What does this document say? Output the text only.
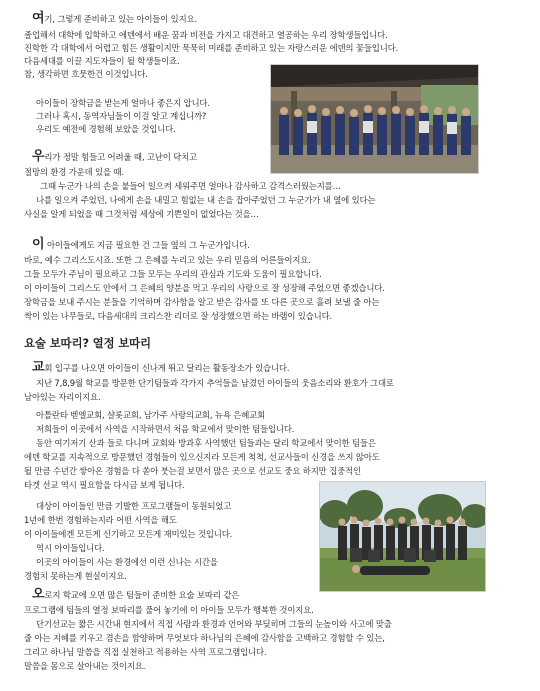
여기, 그렇게 준비하고 있는 아이들이 있지요.
졸업해서 대학에 입학하고 에덴에서 배운 꿈과 비전을 가지고 대견하고 열공하는 우리 장학생들입니다.
진학한 각 대학에서 어렵고 힘든 생활이지만 묵묵히 미래를 준비하고 있는 자랑스러운 에덴의 꽃들입니다.
다음세대를 이끌 지도자들이 될 학생들이죠.
참, 생각하면 흐뭇한건 이것입니다.
아이들이 장학금을 받는게 얼마나 좋은지 압니다.
그러나 혹시, 동역자님들이 이걸 알고 계십니까?
우리도 예전에 경험해 보았을 것입니다.
우리가 정말 힘들고 어려울 때, 고난이 닥치고
절망의 환경 가운데 있을 때.
그때 누군가 나의 손을 붙들어 일으켜 세워주면 얼마나 감사하고 감격스러웠는지를…
나를 일으켜 주었던, 나에게 손을 내밀고 힘없는 내 손을 잡아주었던 그 누군가가 내 옆에 있다는
사실을 알게 되었을 때 그것처럼 세상에 기쁜일이 없었다는 것을…
이 아이들에게도 지금 필요한 건 그들 옆의 그 누군가입니다.
바로, 예수 그리스도시죠. 또한 그 은혜를 누리고 있는 우리 믿음의 어른들이지요.
그들 모두가 주님이 필요하고 그들 모두는 우리의 관심과 기도와 도움이 필요합니다.
이 아이들이 그리스도 안에서 그 은혜의 양분을 먹고 우리의 사랑으로 잘 성장해 주었으면 좋겠습니다.
장학금을 보내 주시는 분들을 기억하며 감사함을 알고 받은 감사를 또 다른 곳으로 흘려 보낼 줄 아는
싹이 있는 나무들로, 다음세대의 크리스찬 리더로 잘 성장했으면 하는 바램이 있습니다.
요술 보따리? 열정 보따리
교회 입구를 나오면 아이들이 신나게 뛰고 달리는 활동장소가 있습니다.
지난 7,8,9월 학교를 방문한 단기팀들과 각가지 추억들을 남겼던 아이들의 웃음소리와 환호가 그대로
남아있는 자리이지요.
아틀란타 벧엘교회, 샬롯교회, 남가주 사랑의교회, 뉴욕 은혜교회
저희들이 이곳에서 사역을 시작하면서 처음 학교에서 맞이한 팀들입니다.
동안 여기저기 산과 들로 다니며 교회와 방과후 사역했던 팀들과는 달리 학교에서 맞이한 팀들은
에덴 학교를 지속적으로 방문했던 경험들이 있으신지라 모든게 척척, 선교사들이 신경을 쓰지 않아도
될 만큼 수년간 쌓아온 경험을 다 쏟아 붓는걸 보면서 많은 곳으로 선교도 중요 하지만 집중적인
타겟 선교 역시 필요함을 다시금 보게 됩니다.
대상이 아이들인 만큼 기발한 프로그램들이 동원되었고
1년에 한번 경험하는지라 어떤 사역을 해도
이 아이들에겐 모든게 신기하고 모든게 재미있는 것입니다.
역시 아이들입니다.
이곳의 아이들이 사는 환경에선 이런 신나는 시간을
경험치 못하는게 현실이지요.
오로지 학교에 오면 많은 팀들이 준비한 요술 보따리 같은
프로그램에 팀들의 열정 보따리를 풀어 놓기에 이 아이들 모두가 행복한 것이지요.
단기선교는 짧은 시간내 현지에서 직접 사람과 환경과 언어와 부딪히며 그들의 눈높이와 사고에 맞출
줄 아는 지혜를 키우고 겸손을 함양하며 무엇보다 하나님의 은혜에 감사함을 고백하고 경험할 수 있는,
그리고 하나님 말씀을 직접 실천하고 적용하는 사역 프로그램입니다.
말씀을 몸으로 살아내는 것이지요.
